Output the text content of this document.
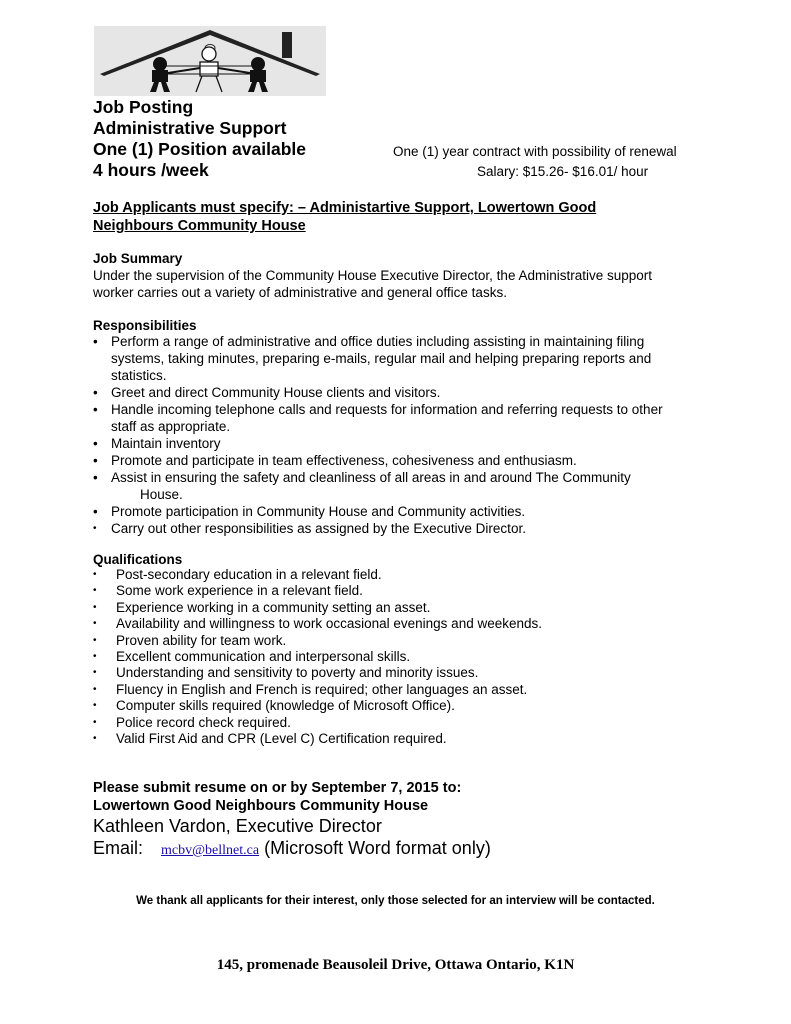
Job Posting
Administrative Support
One (1) Position available
4 hours /week
One (1) year contract with possibility of renewal
Salary: $15.26- $16.01/ hour
Job Applicants must specify: – Administartive Support, Lowertown Good
Neighbours Community House
Job Summary
Under the supervision of the Community House Executive Director, the Administrative support
worker carries out a variety of administrative and general office tasks.
Responsibilities
• Perform a range of administrative and office duties including assisting in maintaining filing
systems, taking minutes, preparing e-mails, regular mail and helping preparing reports and
statistics.
• Greet and direct Community House clients and visitors.
• Handle incoming telephone calls and requests for information and referring requests to other
staff as appropriate.
• Maintain inventory
• Promote and participate in team effectiveness, cohesiveness and enthusiasm.
• Assist in ensuring the safety and cleanliness of all areas in and around The Community
House.
• Promote participation in Community House and Community activities.
• Carry out other responsibilities as assigned by the Executive Director.
Qualifications
• Post-secondary education in a relevant field.
• Some work experience in a relevant field.
• Experience working in a community setting an asset.
• Availability and willingness to work occasional evenings and weekends.
• Proven ability for team work.
• Excellent communication and interpersonal skills.
• Understanding and sensitivity to poverty and minority issues.
• Fluency in English and French is required; other languages an asset.
• Computer skills required (knowledge of Microsoft Office).
• Police record check required.
• Valid First Aid and CPR (Level C) Certification required.
Please submit resume on or by September 7, 2015 to:
Lowertown Good Neighbours Community House
Kathleen Vardon, Executive Director
Email: mcbv@bellnet.ca (Microsoft Word format only)
We thank all applicants for their interest, only those selected for an interview will be contacted.
145, promenade Beausoleil Drive, Ottawa Ontario, K1N
